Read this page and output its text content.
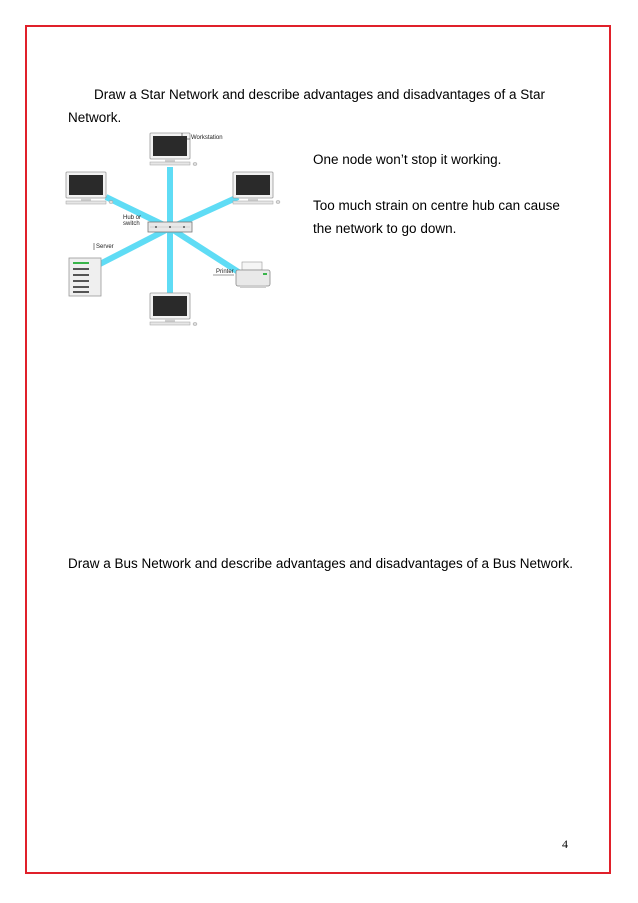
Draw a Star Network and describe advantages and disadvantages of a Star
Network.
Workstation
Hub or
switch
Server
Printer
One node won’t stop it working.
Too much strain on centre hub can cause
the network to go down.
Draw a Bus Network and describe advantages and disadvantages of a Bus Network.
4
